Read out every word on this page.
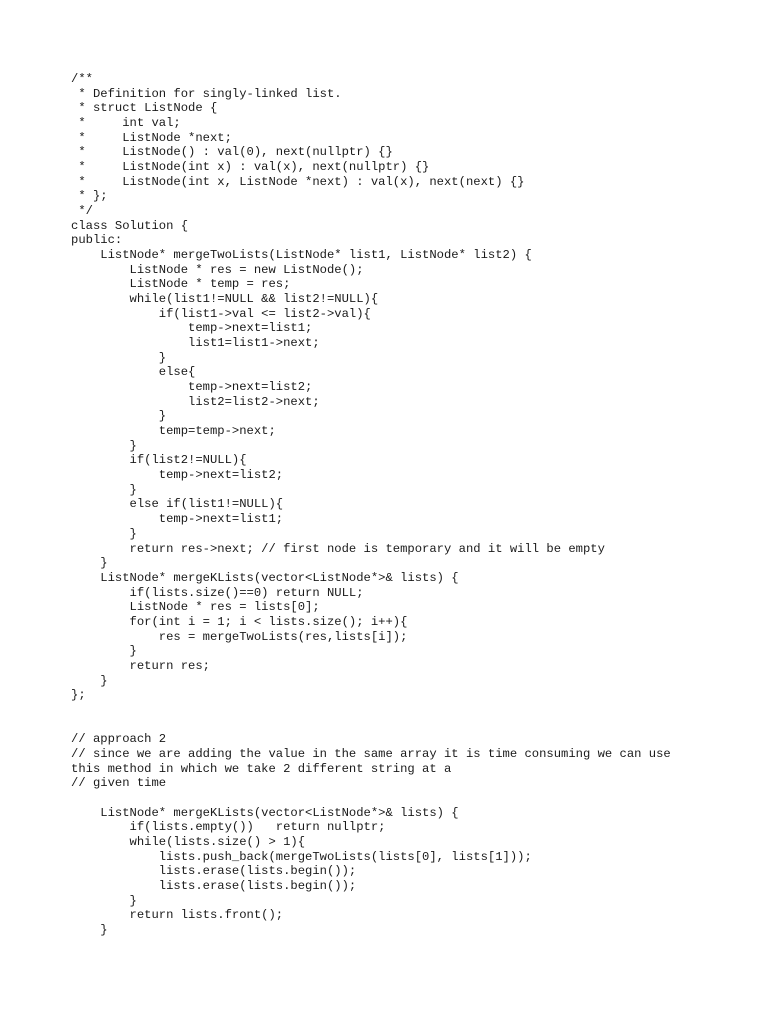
/**
* Definition for singly-linked list.
* struct ListNode {
*     int val;
*     ListNode *next;
*     ListNode() : val(0), next(nullptr) {}
*     ListNode(int x) : val(x), next(nullptr) {}
*     ListNode(int x, ListNode *next) : val(x), next(next) {}
* };
*/
class Solution {
public:
ListNode* mergeTwoLists(ListNode* list1, ListNode* list2) {
ListNode * res = new ListNode();
ListNode * temp = res;
while(list1!=NULL && list2!=NULL){
if(list1->val <= list2->val){
temp->next=list1;
list1=list1->next;
}
else{
temp->next=list2;
list2=list2->next;
}
temp=temp->next;
}
if(list2!=NULL){
temp->next=list2;
}
else if(list1!=NULL){
temp->next=list1;
}
return res->next; // first node is temporary and it will be empty
}
ListNode* mergeKLists(vector<ListNode*>& lists) {
if(lists.size()==0) return NULL;
ListNode * res = lists[0];
for(int i = 1; i < lists.size(); i++){
res = mergeTwoLists(res,lists[i]);
}
return res;
}
};
// approach 2
// since we are adding the value in the same array it is time consuming we can use
this method in which we take 2 different string at a
// given time
ListNode* mergeKLists(vector<ListNode*>& lists) {
if(lists.empty())   return nullptr;
while(lists.size() > 1){
lists.push_back(mergeTwoLists(lists[0], lists[1]));
lists.erase(lists.begin());
lists.erase(lists.begin());
}
return lists.front();
}
